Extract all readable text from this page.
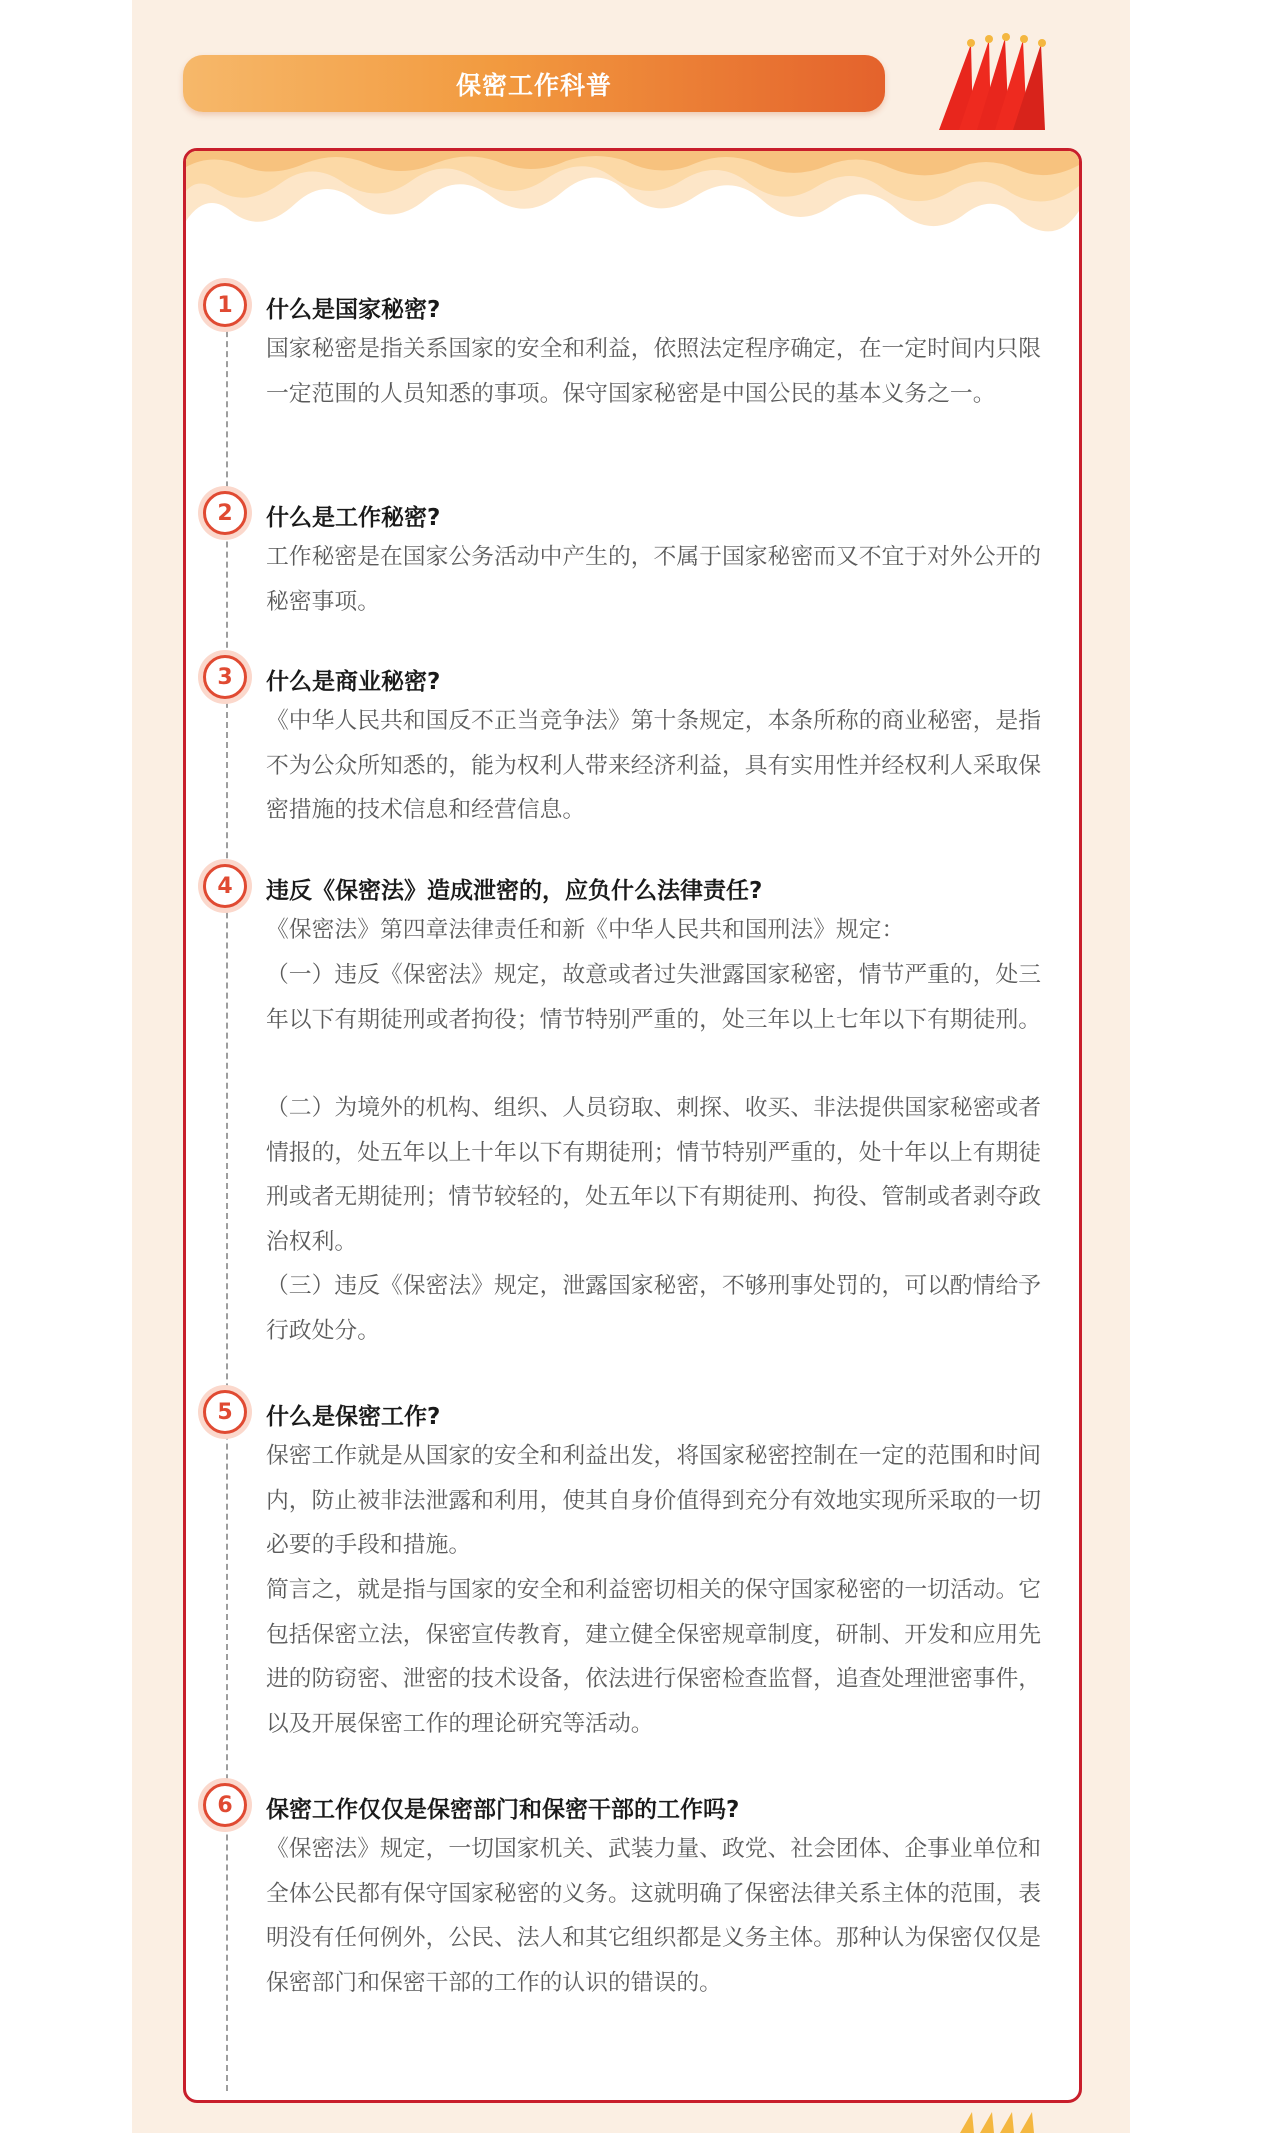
保密工作科普
1	什么是国家秘密?

国家秘密是指关系国家的安全和利益，依照法定程序确定，在一定时间内只限一定范围的人员知悉的事项。保守国家秘密是中国公民的基本义务之一。

2	什么是工作秘密?

工作秘密是在国家公务活动中产生的，不属于国家秘密而又不宜于对外公开的秘密事项。

3	什么是商业秘密?

《中华人民共和国反不正当竞争法》第十条规定，本条所称的商业秘密，是指不为公众所知悉的，能为权利人带来经济利益，具有实用性并经权利人采取保密措施的技术信息和经营信息。

4	违反《保密法》造成泄密的，应负什么法律责任?

《保密法》第四章法律责任和新《中华人民共和国刑法》规定：

（一）违反《保密法》规定，故意或者过失泄露国家秘密，情节严重的，处三年以下有期徒刑或者拘役；情节特别严重的，处三年以上七年以下有期徒刑。

（二）为境外的机构、组织、人员窃取、刺探、收买、非法提供国家秘密或者情报的，处五年以上十年以下有期徒刑；情节特别严重的，处十年以上有期徒刑或者无期徒刑；情节较轻的，处五年以下有期徒刑、拘役、管制或者剥夺政治权利。

（三）违反《保密法》规定，泄露国家秘密，不够刑事处罚的，可以酌情给予行政处分。

5	什么是保密工作?

保密工作就是从国家的安全和利益出发，将国家秘密控制在一定的范围和时间内，防止被非法泄露和利用，使其自身价值得到充分有效地实现所采取的一切必要的手段和措施。

简言之，就是指与国家的安全和利益密切相关的保守国家秘密的一切活动。它包括保密立法，保密宣传教育，建立健全保密规章制度，研制、开发和应用先进的防窃密、泄密的技术设备，依法进行保密检查监督，追查处理泄密事件，以及开展保密工作的理论研究等活动。

6	保密工作仅仅是保密部门和保密干部的工作吗?

《保密法》规定，一切国家机关、武装力量、政党、社会团体、企事业单位和全体公民都有保守国家秘密的义务。这就明确了保密法律关系主体的范围，表明没有任何例外，公民、法人和其它组织都是义务主体。那种认为保密仅仅是保密部门和保密干部的工作的认识的错误的。
